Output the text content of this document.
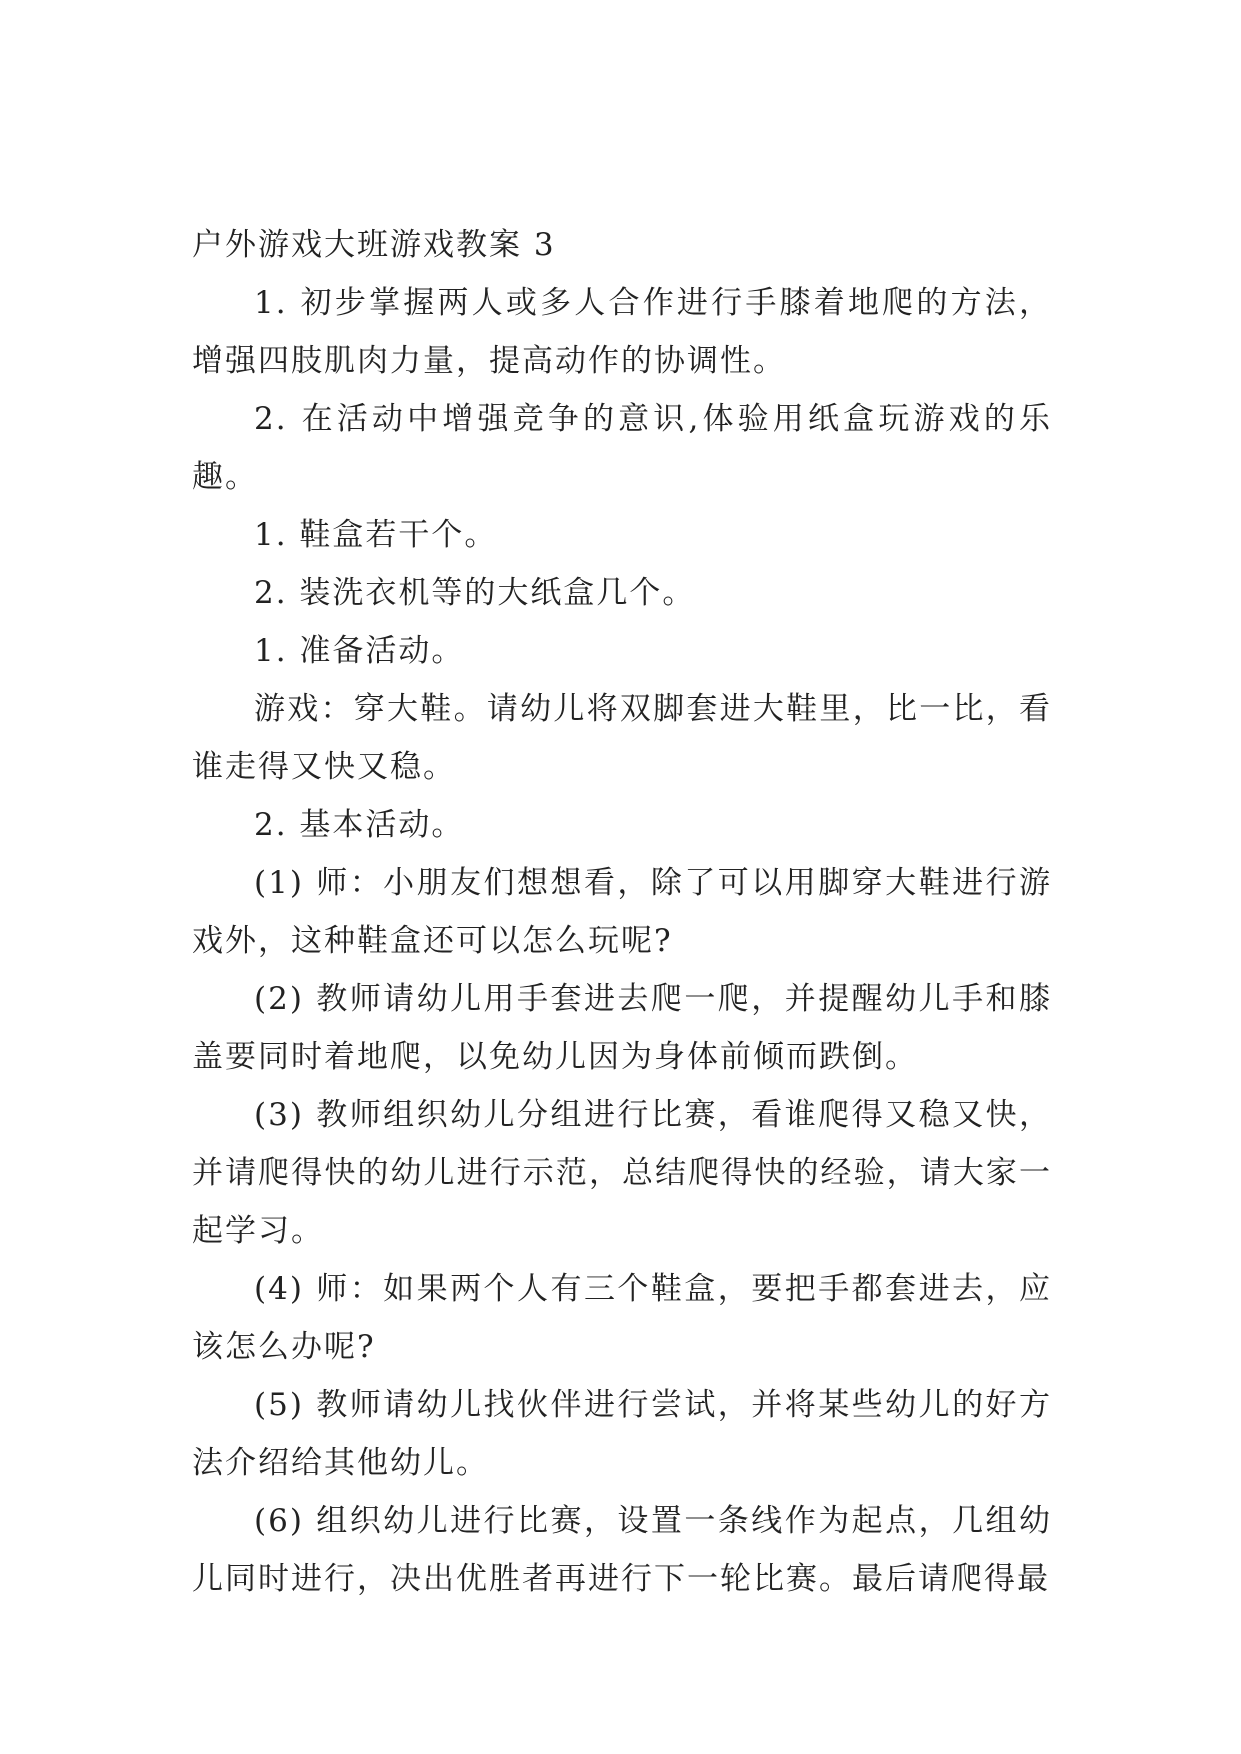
户外游戏大班游戏教案 3

1. 初步掌握两人或多人合作进行手膝着地爬的方法，增强四肢肌肉力量，提高动作的协调性。

2. 在活动中增强竞争的意识,体验用纸盒玩游戏的乐趣。

1. 鞋盒若干个。

2. 装洗衣机等的大纸盒几个。

1. 准备活动。

游戏：穿大鞋。请幼儿将双脚套进大鞋里，比一比，看谁走得又快又稳。

2. 基本活动。

(1) 师：小朋友们想想看，除了可以用脚穿大鞋进行游戏外，这种鞋盒还可以怎么玩呢?

(2) 教师请幼儿用手套进去爬一爬，并提醒幼儿手和膝盖要同时着地爬，以免幼儿因为身体前倾而跌倒。

(3) 教师组织幼儿分组进行比赛，看谁爬得又稳又快，并请爬得快的幼儿进行示范，总结爬得快的经验，请大家一起学习。

(4) 师：如果两个人有三个鞋盒，要把手都套进去，应该怎么办呢?

(5) 教师请幼儿找伙伴进行尝试，并将某些幼儿的好方法介绍给其他幼儿。

(6) 组织幼儿进行比赛，设置一条线作为起点，几组幼儿同时进行，决出优胜者再进行下一轮比赛。最后请爬得最
